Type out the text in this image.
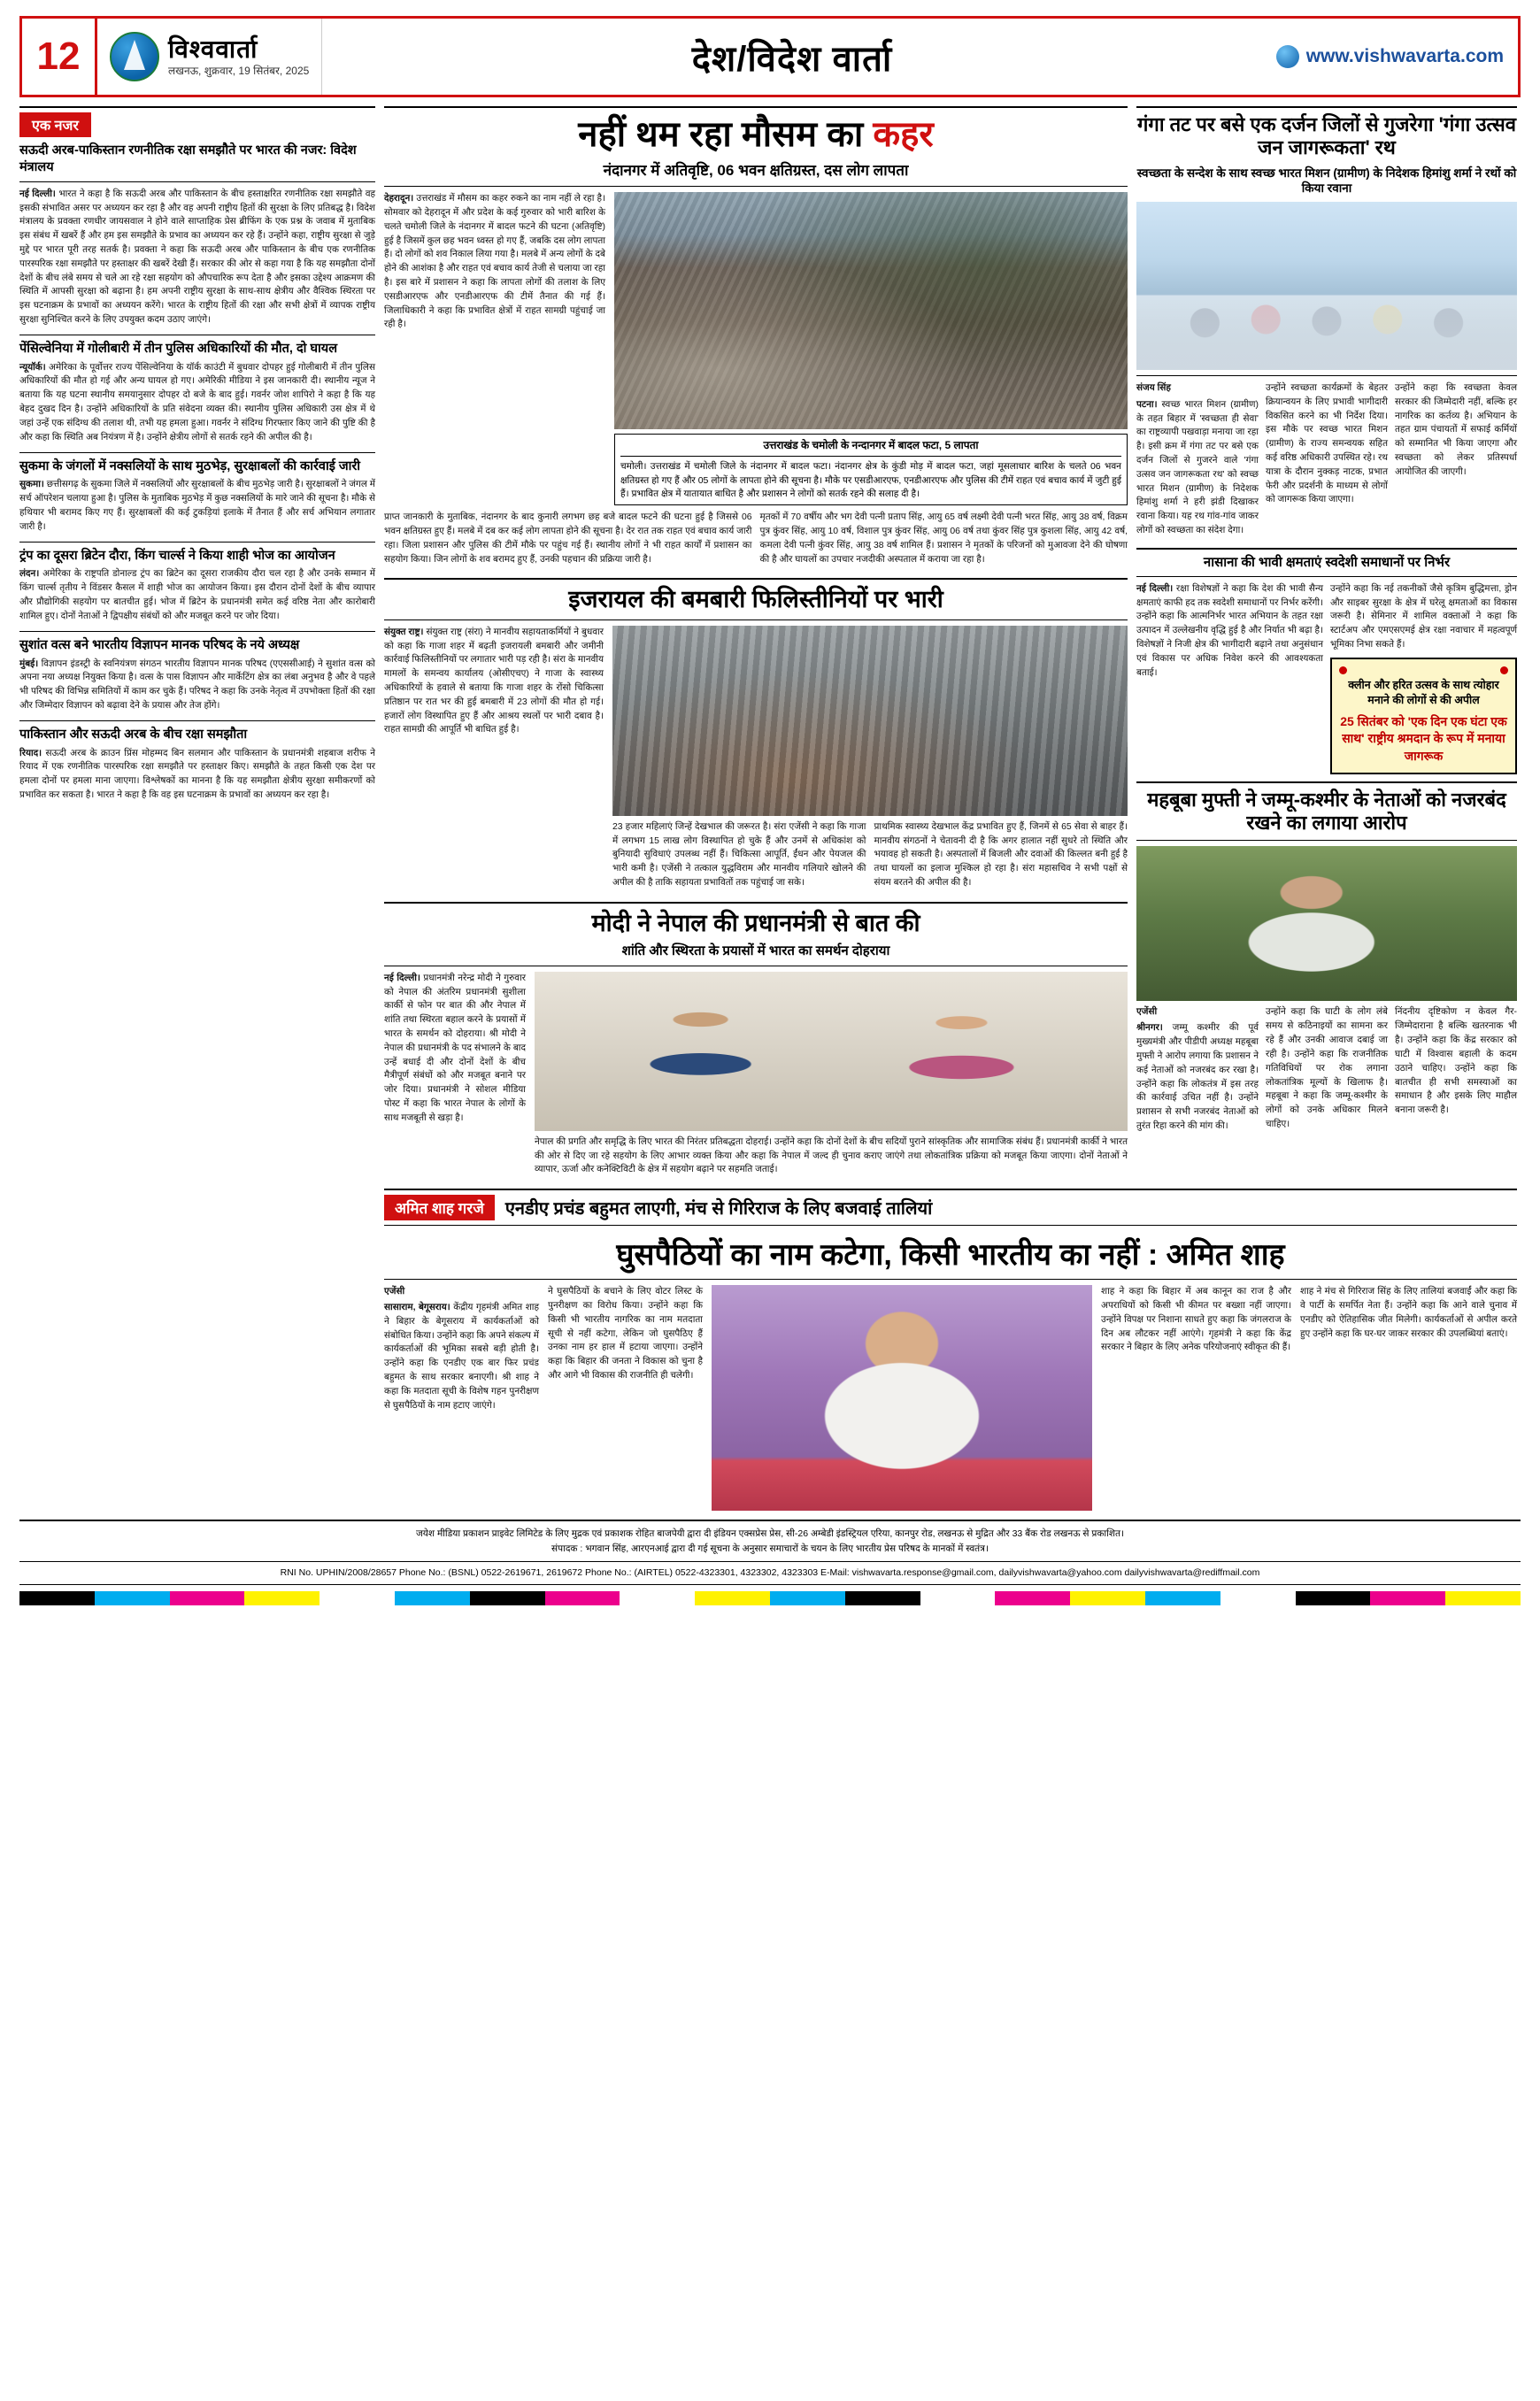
12	विश्ववार्ता
लखनऊ, शुक्रवार, 19 सितंबर, 2025	देश/विदेश वार्ता	www.vishwavarta.com
एक नजर
सऊदी अरब-पाकिस्तान रणनीतिक रक्षा समझौते पर भारत की नजर: विदेश मंत्रालय

नई दिल्ली। भारत ने कहा है कि सऊदी अरब और पाकिस्तान के बीच हस्ताक्षरित रणनीतिक रक्षा समझौते वह इसकी संभावित असर पर अध्ययन कर रहा है और वह अपनी राष्ट्रीय हितों की सुरक्षा के लिए प्रतिबद्ध है। विदेश मंत्रालय के प्रवक्ता रणधीर जायसवाल ने होने वाले साप्ताहिक प्रेस ब्रीफिंग के एक प्रश्न के जवाब में मुताबिक इस संबंध में खबरें हैं और हम इस समझौते के प्रभाव का अध्ययन कर रहे हैं। उन्होंने कहा, राष्ट्रीय सुरक्षा से जुड़े मुद्दे पर भारत पूरी तरह सतर्क है। प्रवक्ता ने कहा कि सऊदी अरब और पाकिस्तान के बीच एक रणनीतिक पारस्परिक रक्षा समझौते पर हस्ताक्षर की खबरें देखी हैं। सरकार की ओर से कहा गया है कि यह समझौता दोनों देशों के बीच लंबे समय से चले आ रहे रक्षा सहयोग को औपचारिक रूप देता है और इसका उद्देश्य आक्रमण की स्थिति में आपसी सुरक्षा को बढ़ाना है। हम अपनी राष्ट्रीय सुरक्षा के साथ-साथ क्षेत्रीय और वैश्विक स्थिरता पर इस घटनाक्रम के प्रभावों का अध्ययन करेंगे। भारत के राष्ट्रीय हितों की रक्षा और सभी क्षेत्रों में व्यापक राष्ट्रीय सुरक्षा सुनिश्चित करने के लिए उपयुक्त कदम उठाए जाएंगे।

पेंसिल्वेनिया में गोलीबारी में तीन पुलिस अधिकारियों की मौत, दो घायल

न्यूयॉर्क। अमेरिका के पूर्वोत्तर राज्य पेंसिल्वेनिया के यॉर्क काउंटी में बुधवार दोपहर हुई गोलीबारी में तीन पुलिस अधिकारियों की मौत हो गई और अन्य घायल हो गए। अमेरिकी मीडिया ने इस जानकारी दी। स्थानीय न्यूज ने बताया कि यह घटना स्थानीय समयानुसार दोपहर दो बजे के बाद हुई। गवर्नर जोश शापिरो ने कहा है कि यह बेहद दुखद दिन है। उन्होंने अधिकारियों के प्रति संवेदना व्यक्त की। स्थानीय पुलिस अधिकारी उस क्षेत्र में थे जहां उन्हें एक संदिग्ध की तलाश थी, तभी यह हमला हुआ। गवर्नर ने संदिग्ध गिरफ्तार किए जाने की पुष्टि की है और कहा कि स्थिति अब नियंत्रण में है। उन्होंने क्षेत्रीय लोगों से सतर्क रहने की अपील की है।

सुकमा के जंगलों में नक्सलियों के साथ मुठभेड़, सुरक्षाबलों की कार्रवाई जारी

सुकमा। छत्तीसगढ़ के सुकमा जिले में नक्सलियों और सुरक्षाबलों के बीच मुठभेड़ जारी है। सुरक्षाबलों ने जंगल में सर्च ऑपरेशन चलाया हुआ है। पुलिस के मुताबिक मुठभेड़ में कुछ नक्सलियों के मारे जाने की सूचना है। मौके से हथियार भी बरामद किए गए हैं। सुरक्षाबलों की कई टुकड़ियां इलाके में तैनात हैं और सर्च अभियान लगातार जारी है।

ट्रंप का दूसरा ब्रिटेन दौरा, किंग चार्ल्स ने किया शाही भोज का आयोजन

लंदन। अमेरिका के राष्ट्रपति डोनाल्ड ट्रंप का ब्रिटेन का दूसरा राजकीय दौरा चल रहा है और उनके सम्मान में किंग चार्ल्स तृतीय ने विंडसर कैसल में शाही भोज का आयोजन किया। इस दौरान दोनों देशों के बीच व्यापार और प्रौद्योगिकी सहयोग पर बातचीत हुई। भोज में ब्रिटेन के प्रधानमंत्री समेत कई वरिष्ठ नेता और कारोबारी शामिल हुए। दोनों नेताओं ने द्विपक्षीय संबंधों को और मजबूत करने पर जोर दिया।

सुशांत वत्स बने भारतीय विज्ञापन मानक परिषद के नये अध्यक्ष

मुंबई। विज्ञापन इंडस्ट्री के स्वनियंत्रण संगठन भारतीय विज्ञापन मानक परिषद (एएससीआई) ने सुशांत वत्स को अपना नया अध्यक्ष नियुक्त किया है। वत्स के पास विज्ञापन और मार्केटिंग क्षेत्र का लंबा अनुभव है और वे पहले भी परिषद की विभिन्न समितियों में काम कर चुके हैं। परिषद ने कहा कि उनके नेतृत्व में उपभोक्ता हितों की रक्षा और जिम्मेदार विज्ञापन को बढ़ावा देने के प्रयास और तेज होंगे।

पाकिस्तान और सऊदी अरब के बीच रक्षा समझौता

रियाद। सऊदी अरब के क्राउन प्रिंस मोहम्मद बिन सलमान और पाकिस्तान के प्रधानमंत्री शहबाज शरीफ ने रियाद में एक रणनीतिक पारस्परिक रक्षा समझौते पर हस्ताक्षर किए। समझौते के तहत किसी एक देश पर हमला दोनों पर हमला माना जाएगा। विश्लेषकों का मानना है कि यह समझौता क्षेत्रीय सुरक्षा समीकरणों को प्रभावित कर सकता है। भारत ने कहा है कि वह इस घटनाक्रम के प्रभावों का अध्ययन कर रहा है।

नहीं थम रहा मौसम का कहर
नंदानगर में अतिवृष्टि, 06 भवन क्षतिग्रस्त, दस लोग लापता

देहरादून। उत्तराखंड में मौसम का कहर रुकने का नाम नहीं ले रहा है। सोमवार को देहरादून में और प्रदेश के कई गुरुवार को भारी बारिश के चलते चमोली जिले के नंदानगर में बादल फटने की घटना (अतिवृष्टि) हुई है जिसमें कुल छह भवन ध्वस्त हो गए हैं, जबकि दस लोग लापता हैं। दो लोगों को शव निकाल लिया गया है। मलबे में अन्य लोगों के दबे होने की आशंका है और राहत एवं बचाव कार्य तेजी से चलाया जा रहा है। इस बारे में प्रशासन ने कहा कि लापता लोगों की तलाश के लिए एसडीआरएफ और एनडीआरएफ की टीमें तैनात की गई हैं। जिलाधिकारी ने कहा कि प्रभावित क्षेत्रों में राहत सामग्री पहुंचाई जा रही है।

उत्तराखंड के चमोली के नन्दानगर में बादल फटा, 5 लापता
चमोली। उत्तराखंड में चमोली जिले के नंदानगर में बादल फटा। नंदानगर क्षेत्र के कुंडी मोड़ में बादल फटा, जहां मूसलाधार बारिश के चलते 06 भवन क्षतिग्रस्त हो गए हैं और 05 लोगों के लापता होने की सूचना है। मौके पर एसडीआरएफ, एनडीआरएफ और पुलिस की टीमें राहत एवं बचाव कार्य में जुटी हुई हैं। प्रभावित क्षेत्र में यातायात बाधित है और प्रशासन ने लोगों को सतर्क रहने की सलाह दी है।

प्राप्त जानकारी के मुताबिक, नंदानगर के बाद कुनारी लगभग छह बजे बादल फटने की घटना हुई है जिससे 06 भवन क्षतिग्रस्त हुए हैं। मलबे में दब कर कई लोग लापता होने की सूचना है। देर रात तक राहत एवं बचाव कार्य जारी रहा। जिला प्रशासन और पुलिस की टीमें मौके पर पहुंच गई हैं। स्थानीय लोगों ने भी राहत कार्यों में प्रशासन का सहयोग किया। जिन लोगों के शव बरामद हुए हैं, उनकी पहचान की प्रक्रिया जारी है।

मृतकों में 70 वर्षीय और भग देवी पत्नी प्रताप सिंह, आयु 65 वर्ष लक्ष्मी देवी पत्नी भरत सिंह, आयु 38 वर्ष, विक्रम पुत्र कुंवर सिंह, आयु 10 वर्ष, विशाल पुत्र कुंवर सिंह, आयु 06 वर्ष तथा कुंवर सिंह पुत्र कुशला सिंह, आयु 42 वर्ष, कमला देवी पत्नी कुंवर सिंह, आयु 38 वर्ष शामिल हैं। प्रशासन ने मृतकों के परिजनों को मुआवजा देने की घोषणा की है और घायलों का उपचार नजदीकी अस्पताल में कराया जा रहा है।

इजरायल की बमबारी फिलिस्तीनियों पर भारी

संयुक्त राष्ट्र। संयुक्त राष्ट्र (संरा) ने मानवीय सहायताकर्मियों ने बुधवार को कहा कि गाजा शहर में बढ़ती इजरायली बमबारी और जमीनी कार्रवाई फिलिस्तीनियों पर लगातार भारी पड़ रही है। संरा के मानवीय मामलों के समन्वय कार्यालय (ओसीएचए) ने गाजा के स्वास्थ्य अधिकारियों के हवाले से बताया कि गाजा शहर के रोंसो चिकित्सा प्रतिष्ठान पर रात भर की हुई बमबारी में 23 लोगों की मौत हो गई। हजारों लोग विस्थापित हुए हैं और आश्रय स्थलों पर भारी दबाव है। राहत सामग्री की आपूर्ति भी बाधित हुई है।

23 हजार महिलाएं जिन्हें देखभाल की जरूरत है। संरा एजेंसी ने कहा कि गाजा में लगभग 15 लाख लोग विस्थापित हो चुके हैं और उनमें से अधिकांश को बुनियादी सुविधाएं उपलब्ध नहीं हैं। चिकित्सा आपूर्ति, ईंधन और पेयजल की भारी कमी है। एजेंसी ने तत्काल युद्धविराम और मानवीय गलियारे खोलने की अपील की है ताकि सहायता प्रभावितों तक पहुंचाई जा सके।

प्राथमिक स्वास्थ्य देखभाल केंद्र प्रभावित हुए हैं, जिनमें से 65 सेवा से बाहर हैं। मानवीय संगठनों ने चेतावनी दी है कि अगर हालात नहीं सुधरे तो स्थिति और भयावह हो सकती है। अस्पतालों में बिजली और दवाओं की किल्लत बनी हुई है तथा घायलों का इलाज मुश्किल हो रहा है। संरा महासचिव ने सभी पक्षों से संयम बरतने की अपील की है।

मोदी ने नेपाल की प्रधानमंत्री से बात की
शांति और स्थिरता के प्रयासों में भारत का समर्थन दोहराया

नई दिल्ली। प्रधानमंत्री नरेन्द्र मोदी ने गुरुवार को नेपाल की अंतरिम प्रधानमंत्री सुशीला कार्की से फोन पर बात की और नेपाल में शांति तथा स्थिरता बहाल करने के प्रयासों में भारत के समर्थन को दोहराया। श्री मोदी ने नेपाल की प्रधानमंत्री के पद संभालने के बाद उन्हें बधाई दी और दोनों देशों के बीच मैत्रीपूर्ण संबंधों को और मजबूत बनाने पर जोर दिया। प्रधानमंत्री ने सोशल मीडिया पोस्ट में कहा कि भारत नेपाल के लोगों के साथ मजबूती से खड़ा है।

नेपाल की प्रगति और समृद्धि के लिए भारत की निरंतर प्रतिबद्धता दोहराई। उन्होंने कहा कि दोनों देशों के बीच सदियों पुराने सांस्कृतिक और सामाजिक संबंध हैं। प्रधानमंत्री कार्की ने भारत की ओर से दिए जा रहे सहयोग के लिए आभार व्यक्त किया और कहा कि नेपाल में जल्द ही चुनाव कराए जाएंगे तथा लोकतांत्रिक प्रक्रिया को मजबूत किया जाएगा। दोनों नेताओं ने व्यापार, ऊर्जा और कनेक्टिविटी के क्षेत्र में सहयोग बढ़ाने पर सहमति जताई।

गंगा तट पर बसे एक दर्जन जिलों से गुजरेगा 'गंगा उत्सव जन जागरूकता' रथ
स्वच्छता के सन्देश के साथ स्वच्छ भारत मिशन (ग्रामीण) के निदेशक हिमांशु शर्मा ने रथों को किया रवाना

संजय सिंह

पटना। स्वच्छ भारत मिशन (ग्रामीण) के तहत बिहार में 'स्वच्छता ही सेवा' का राष्ट्रव्यापी पखवाड़ा मनाया जा रहा है। इसी क्रम में गंगा तट पर बसे एक दर्जन जिलों से गुजरने वाले 'गंगा उत्सव जन जागरूकता रथ' को स्वच्छ भारत मिशन (ग्रामीण) के निदेशक हिमांशु शर्मा ने हरी झंडी दिखाकर रवाना किया। यह रथ गांव-गांव जाकर लोगों को स्वच्छता का संदेश देगा।

उन्होंने स्वच्छता कार्यक्रमों के बेहतर क्रियान्वयन के लिए प्रभावी भागीदारी विकसित करने का भी निर्देश दिया। इस मौके पर स्वच्छ भारत मिशन (ग्रामीण) के राज्य समन्वयक सहित कई वरिष्ठ अधिकारी उपस्थित रहे। रथ यात्रा के दौरान नुक्कड़ नाटक, प्रभात फेरी और प्रदर्शनी के माध्यम से लोगों को जागरूक किया जाएगा।

उन्होंने कहा कि स्वच्छता केवल सरकार की जिम्मेदारी नहीं, बल्कि हर नागरिक का कर्तव्य है। अभियान के तहत ग्राम पंचायतों में सफाई कर्मियों को सम्मानित भी किया जाएगा और स्वच्छता को लेकर प्रतिस्पर्धा आयोजित की जाएगी।

नासाना की भावी क्षमताएं स्वदेशी समाधानों पर निर्भर

नई दिल्ली। रक्षा विशेषज्ञों ने कहा कि देश की भावी सैन्य क्षमताएं काफी हद तक स्वदेशी समाधानों पर निर्भर करेंगी। उन्होंने कहा कि आत्मनिर्भर भारत अभियान के तहत रक्षा उत्पादन में उल्लेखनीय वृद्धि हुई है और निर्यात भी बढ़ा है। विशेषज्ञों ने निजी क्षेत्र की भागीदारी बढ़ाने तथा अनुसंधान एवं विकास पर अधिक निवेश करने की आवश्यकता बताई।

उन्होंने कहा कि नई तकनीकों जैसे कृत्रिम बुद्धिमत्ता, ड्रोन और साइबर सुरक्षा के क्षेत्र में घरेलू क्षमताओं का विकास जरूरी है। सेमिनार में शामिल वक्ताओं ने कहा कि स्टार्टअप और एमएसएमई क्षेत्र रक्षा नवाचार में महत्वपूर्ण भूमिका निभा सकते हैं।

क्लीन और हरित उत्सव के साथ त्योहार मनाने की लोगों से की अपील
25 सितंबर को 'एक दिन एक घंटा एक साथ' राष्ट्रीय श्रमदान के रूप में मनाया जागरूक
महबूबा मुफ्ती ने जम्मू-कश्मीर के नेताओं को नजरबंद रखने का लगाया आरोप

एजेंसी

श्रीनगर। जम्मू कश्मीर की पूर्व मुख्यमंत्री और पीडीपी अध्यक्ष महबूबा मुफ्ती ने आरोप लगाया कि प्रशासन ने कई नेताओं को नजरबंद कर रखा है। उन्होंने कहा कि लोकतंत्र में इस तरह की कार्रवाई उचित नहीं है। उन्होंने प्रशासन से सभी नजरबंद नेताओं को तुरंत रिहा करने की मांग की।

उन्होंने कहा कि घाटी के लोग लंबे समय से कठिनाइयों का सामना कर रहे हैं और उनकी आवाज दबाई जा रही है। उन्होंने कहा कि राजनीतिक गतिविधियों पर रोक लगाना लोकतांत्रिक मूल्यों के खिलाफ है। महबूबा ने कहा कि जम्मू-कश्मीर के लोगों को उनके अधिकार मिलने चाहिए।

निंदनीय दृष्टिकोण न केवल गैर-जिम्मेदाराना है बल्कि खतरनाक भी है। उन्होंने कहा कि केंद्र सरकार को घाटी में विश्वास बहाली के कदम उठाने चाहिए। उन्होंने कहा कि बातचीत ही सभी समस्याओं का समाधान है और इसके लिए माहौल बनाना जरूरी है।

अमित शाह गरजे	एनडीए प्रचंड बहुमत लाएगी, मंच से गिरिराज के लिए बजवाई तालियां
घुसपैठियों का नाम कटेगा, किसी भारतीय का नहीं : अमित शाह

एजेंसी

सासाराम, बेगूसराय। केंद्रीय गृहमंत्री अमित शाह ने बिहार के बेगूसराय में कार्यकर्ताओं को संबोधित किया। उन्होंने कहा कि अपने संकल्प में कार्यकर्ताओं की भूमिका सबसे बड़ी होती है। उन्होंने कहा कि एनडीए एक बार फिर प्रचंड बहुमत के साथ सरकार बनाएगी। श्री शाह ने कहा कि मतदाता सूची के विशेष गहन पुनरीक्षण से घुसपैठियों के नाम हटाए जाएंगे।

ने घुसपैठियों के बचाने के लिए वोटर लिस्ट के पुनरीक्षण का विरोध किया। उन्होंने कहा कि किसी भी भारतीय नागरिक का नाम मतदाता सूची से नहीं कटेगा, लेकिन जो घुसपैठिए हैं उनका नाम हर हाल में हटाया जाएगा। उन्होंने कहा कि बिहार की जनता ने विकास को चुना है और आगे भी विकास की राजनीति ही चलेगी।

शाह ने कहा कि बिहार में अब कानून का राज है और अपराधियों को किसी भी कीमत पर बख्शा नहीं जाएगा। उन्होंने विपक्ष पर निशाना साधते हुए कहा कि जंगलराज के दिन अब लौटकर नहीं आएंगे। गृहमंत्री ने कहा कि केंद्र सरकार ने बिहार के लिए अनेक परियोजनाएं स्वीकृत की हैं।

शाह ने मंच से गिरिराज सिंह के लिए तालियां बजवाईं और कहा कि वे पार्टी के समर्पित नेता हैं। उन्होंने कहा कि आने वाले चुनाव में एनडीए को ऐतिहासिक जीत मिलेगी। कार्यकर्ताओं से अपील करते हुए उन्होंने कहा कि घर-घर जाकर सरकार की उपलब्धियां बताएं।

जयेश मीडिया प्रकाशन प्राइवेट लिमिटेड के लिए मुद्रक एवं प्रकाशक रोहित बाजपेयी द्वारा दी इंडियन एक्सप्रेस प्रेस, सी-26 अम्बेडी इंडस्ट्रियल एरिया, कानपुर रोड, लखनऊ से मुद्रित और 33 बैंक रोड लखनऊ से प्रकाशित।
संपादक : भगवान सिंह, आरएनआई द्वारा दी गई सूचना के अनुसार समाचारों के चयन के लिए भारतीय प्रेस परिषद के मानकों में स्वतंत्र।
RNI No. UPHIN/2008/28657 Phone No.: (BSNL) 0522-2619671, 2619672 Phone No.: (AIRTEL) 0522-4323301, 4323302, 4323303 E-Mail: vishwavarta.response@gmail.com, dailyvishwavarta@yahoo.com dailyvishwavarta@rediffmail.com
